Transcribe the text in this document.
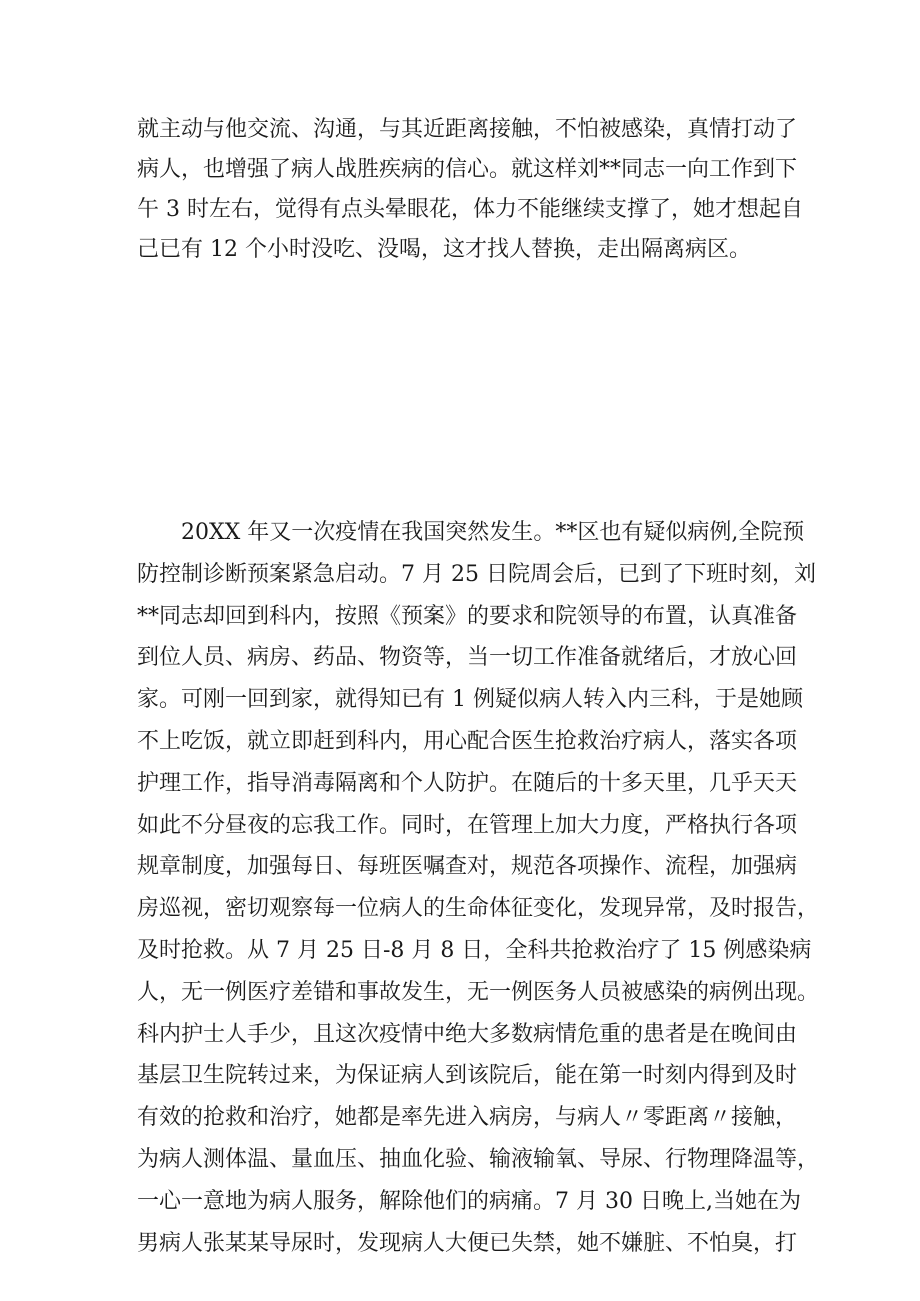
就主动与他交流、沟通，与其近距离接触，不怕被感染，真情打动了
病人，也增强了病人战胜疾病的信心。就这样刘**同志一向工作到下
午 3 时左右，觉得有点头晕眼花，体力不能继续支撑了，她才想起自
己已有 12 个小时没吃、没喝，这才找人替换，走出隔离病区。
20XX 年又一次疫情在我国突然发生。**区也有疑似病例,全院预
防控制诊断预案紧急启动。7 月 25 日院周会后，已到了下班时刻，刘
**同志却回到科内，按照《预案》的要求和院领导的布置，认真准备
到位人员、病房、药品、物资等，当一切工作准备就绪后，才放心回
家。可刚一回到家，就得知已有 1 例疑似病人转入内三科，于是她顾
不上吃饭，就立即赶到科内，用心配合医生抢救治疗病人，落实各项
护理工作，指导消毒隔离和个人防护。在随后的十多天里，几乎天天
如此不分昼夜的忘我工作。同时，在管理上加大力度，严格执行各项
规章制度，加强每日、每班医嘱查对，规范各项操作、流程，加强病
房巡视，密切观察每一位病人的生命体征变化，发现异常，及时报告，
及时抢救。从 7 月 25 日-8 月 8 日，全科共抢救治疗了 15 例感染病
人，无一例医疗差错和事故发生，无一例医务人员被感染的病例出现。
科内护士人手少，且这次疫情中绝大多数病情危重的患者是在晚间由
基层卫生院转过来，为保证病人到该院后，能在第一时刻内得到及时
有效的抢救和治疗，她都是率先进入病房，与病人〃零距离〃接触，
为病人测体温、量血压、抽血化验、输液输氧、导尿、行物理降温等，
一心一意地为病人服务，解除他们的病痛。7 月 30 日晚上,当她在为
男病人张某某导尿时，发现病人大便已失禁，她不嫌脏、不怕臭，打
